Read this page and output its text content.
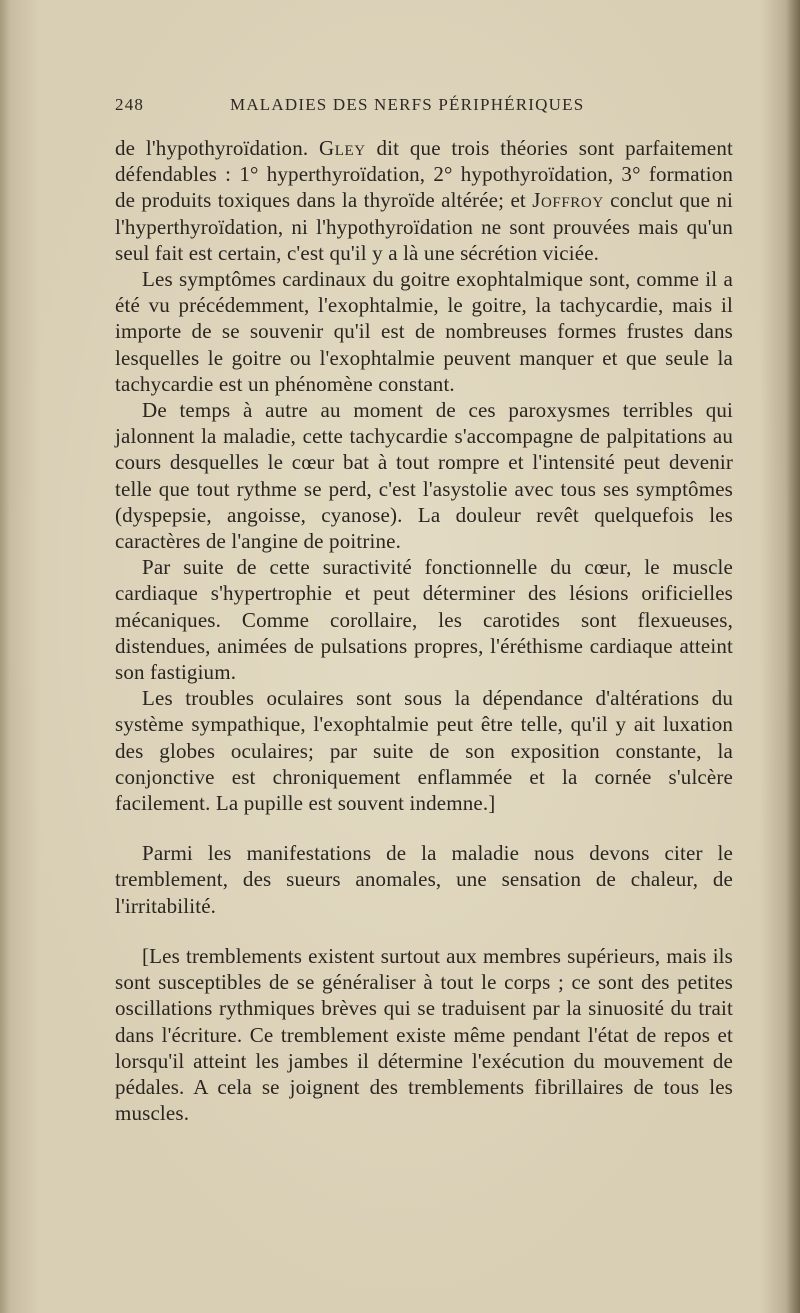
248	MALADIES DES NERFS PÉRIPHÉRIQUES

de l'hypothyroïdation. Gley dit que trois théories sont parfaitement défendables : 1° hyperthyroïdation, 2° hypothyroïdation, 3° formation de produits toxiques dans la thyroïde altérée; et Joffroy conclut que ni l'hyperthyroïdation, ni l'hypothyroïdation ne sont prouvées mais qu'un seul fait est certain, c'est qu'il y a là une sécrétion viciée.

Les symptômes cardinaux du goitre exophtalmique sont, comme il a été vu précédemment, l'exophtalmie, le goitre, la tachycardie, mais il importe de se souvenir qu'il est de nombreuses formes frustes dans lesquelles le goitre ou l'exophtalmie peuvent manquer et que seule la tachycardie est un phénomène constant.

De temps à autre au moment de ces paroxysmes terribles qui jalonnent la maladie, cette tachycardie s'accompagne de palpitations au cours desquelles le cœur bat à tout rompre et l'intensité peut devenir telle que tout rythme se perd, c'est l'asystolie avec tous ses symptômes (dyspepsie, angoisse, cyanose). La douleur revêt quelquefois les caractères de l'angine de poitrine.

Par suite de cette suractivité fonctionnelle du cœur, le muscle cardiaque s'hypertrophie et peut déterminer des lésions orificielles mécaniques. Comme corollaire, les carotides sont flexueuses, distendues, animées de pulsations propres, l'éréthisme cardiaque atteint son fastigium.

Les troubles oculaires sont sous la dépendance d'altérations du système sympathique, l'exophtalmie peut être telle, qu'il y ait luxation des globes oculaires; par suite de son exposition constante, la conjonctive est chroniquement enflammée et la cornée s'ulcère facilement. La pupille est souvent indemne.]

Parmi les manifestations de la maladie nous devons citer le tremblement, des sueurs anomales, une sensation de chaleur, de l'irritabilité.

[Les tremblements existent surtout aux membres supérieurs, mais ils sont susceptibles de se généraliser à tout le corps ; ce sont des petites oscillations rythmiques brèves qui se traduisent par la sinuosité du trait dans l'écriture. Ce tremblement existe même pendant l'état de repos et lorsqu'il atteint les jambes il détermine l'exécution du mouvement de pédales. A cela se joignent des tremblements fibrillaires de tous les muscles.
